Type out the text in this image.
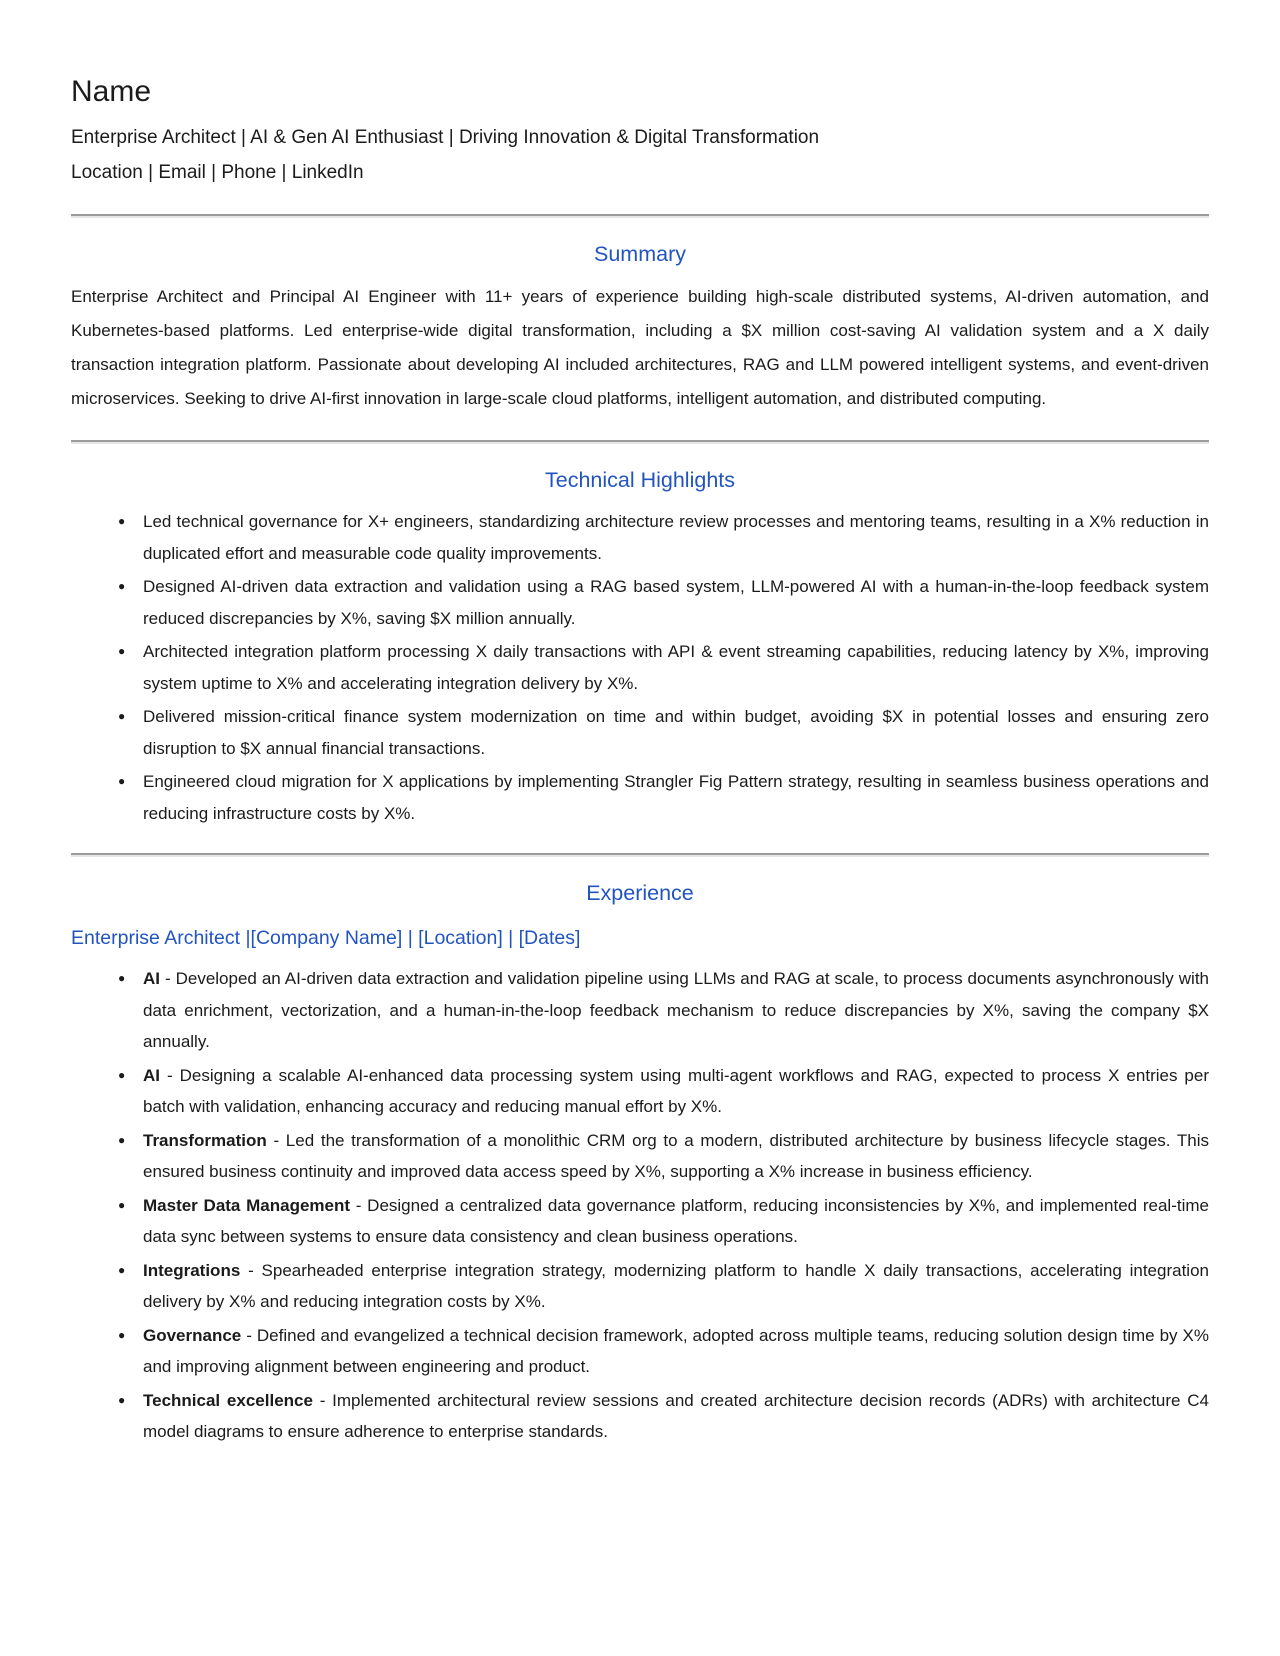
Name

Enterprise Architect | AI & Gen AI Enthusiast | Driving Innovation & Digital Transformation

Location | Email | Phone | LinkedIn

Summary

Enterprise Architect and Principal AI Engineer with 11+ years of experience building high-scale distributed systems, AI-driven automation, and Kubernetes-based platforms. Led enterprise-wide digital transformation, including a $X million cost-saving AI validation system and a X daily transaction integration platform. Passionate about developing AI included architectures, RAG and LLM powered intelligent systems, and event-driven microservices. Seeking to drive AI-first innovation in large-scale cloud platforms, intelligent automation, and distributed computing.

Technical Highlights
● Led technical governance for X+ engineers, standardizing architecture review processes and mentoring teams, resulting in a X% reduction in duplicated effort and measurable code quality improvements.
● Designed AI-driven data extraction and validation using a RAG based system, LLM-powered AI with a human-in-the-loop feedback system reduced discrepancies by X%, saving $X million annually.
● Architected integration platform processing X daily transactions with API & event streaming capabilities, reducing latency by X%, improving system uptime to X% and accelerating integration delivery by X%.
● Delivered mission-critical finance system modernization on time and within budget, avoiding $X in potential losses and ensuring zero disruption to $X annual financial transactions.
● Engineered cloud migration for X applications by implementing Strangler Fig Pattern strategy, resulting in seamless business operations and reducing infrastructure costs by X%.
Experience
Enterprise Architect |[Company Name] | [Location] | [Dates]
● AI - Developed an AI-driven data extraction and validation pipeline using LLMs and RAG at scale, to process documents asynchronously with data enrichment, vectorization, and a human-in-the-loop feedback mechanism to reduce discrepancies by X%, saving the company $X annually.
● AI - Designing a scalable AI-enhanced data processing system using multi-agent workflows and RAG, expected to process X entries per batch with validation, enhancing accuracy and reducing manual effort by X%.
● Transformation - Led the transformation of a monolithic CRM org to a modern, distributed architecture by business lifecycle stages. This ensured business continuity and improved data access speed by X%, supporting a X% increase in business efficiency.
● Master Data Management - Designed a centralized data governance platform, reducing inconsistencies by X%, and implemented real-time data sync between systems to ensure data consistency and clean business operations.
● Integrations - Spearheaded enterprise integration strategy, modernizing platform to handle X daily transactions, accelerating integration delivery by X% and reducing integration costs by X%.
● Governance - Defined and evangelized a technical decision framework, adopted across multiple teams, reducing solution design time by X% and improving alignment between engineering and product.
● Technical excellence - Implemented architectural review sessions and created architecture decision records (ADRs) with architecture C4 model diagrams to ensure adherence to enterprise standards.
